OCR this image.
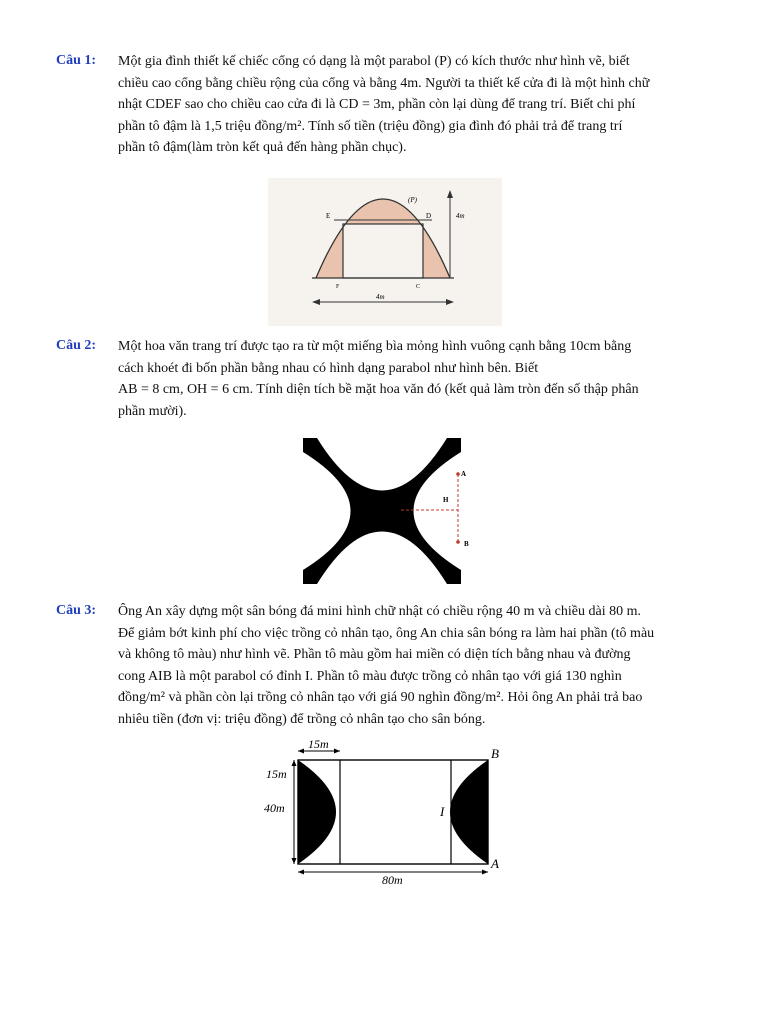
Câu 1: Một gia đình thiết kế chiếc cổng có dạng là một parabol (P) có kích thước như hình vẽ, biết
chiều cao cổng bằng chiều rộng của cổng và bằng 4m. Người ta thiết kế cửa đi là một hình chữ
nhật CDEF sao cho chiều cao cửa đi là CD = 3m, phần còn lại dùng để trang trí. Biết chi phí
phần tô đậm là 1,5 triệu đồng/m². Tính số tiền (triệu đồng) gia đình đó phải trả để trang trí
phần tô đậm(làm tròn kết quả đến hàng phần chục).
E	D
F	C
(P)
4m
4m
Câu 2: Một hoa văn trang trí được tạo ra từ một miếng bìa mỏng hình vuông cạnh bằng 10cm bằng
cách khoét đi bốn phần bằng nhau có hình dạng parabol như hình bên. Biết
AB = 8 cm, OH = 6 cm. Tính diện tích bề mặt hoa văn đó (kết quả làm tròn đến số thập phân
phần mười).
A
B
O
H
Câu 3: Ông An xây dựng một sân bóng đá mini hình chữ nhật có chiều rộng 40 m và chiều dài 80 m.
Để giảm bớt kinh phí cho việc trồng cỏ nhân tạo, ông An chia sân bóng ra làm hai phần (tô màu
và không tô màu) như hình vẽ. Phần tô màu gồm hai miền có diện tích bằng nhau và đường
cong AIB là một parabol có đỉnh I. Phần tô màu được trồng cỏ nhân tạo với giá 130 nghìn
đồng/m² và phần còn lại trồng cỏ nhân tạo với giá 90 nghìn đồng/m². Hỏi ông An phải trả bao
nhiêu tiền (đơn vị: triệu đồng) để trồng cỏ nhân tạo cho sân bóng.
15m
15m
40m
80m
B
A
I
